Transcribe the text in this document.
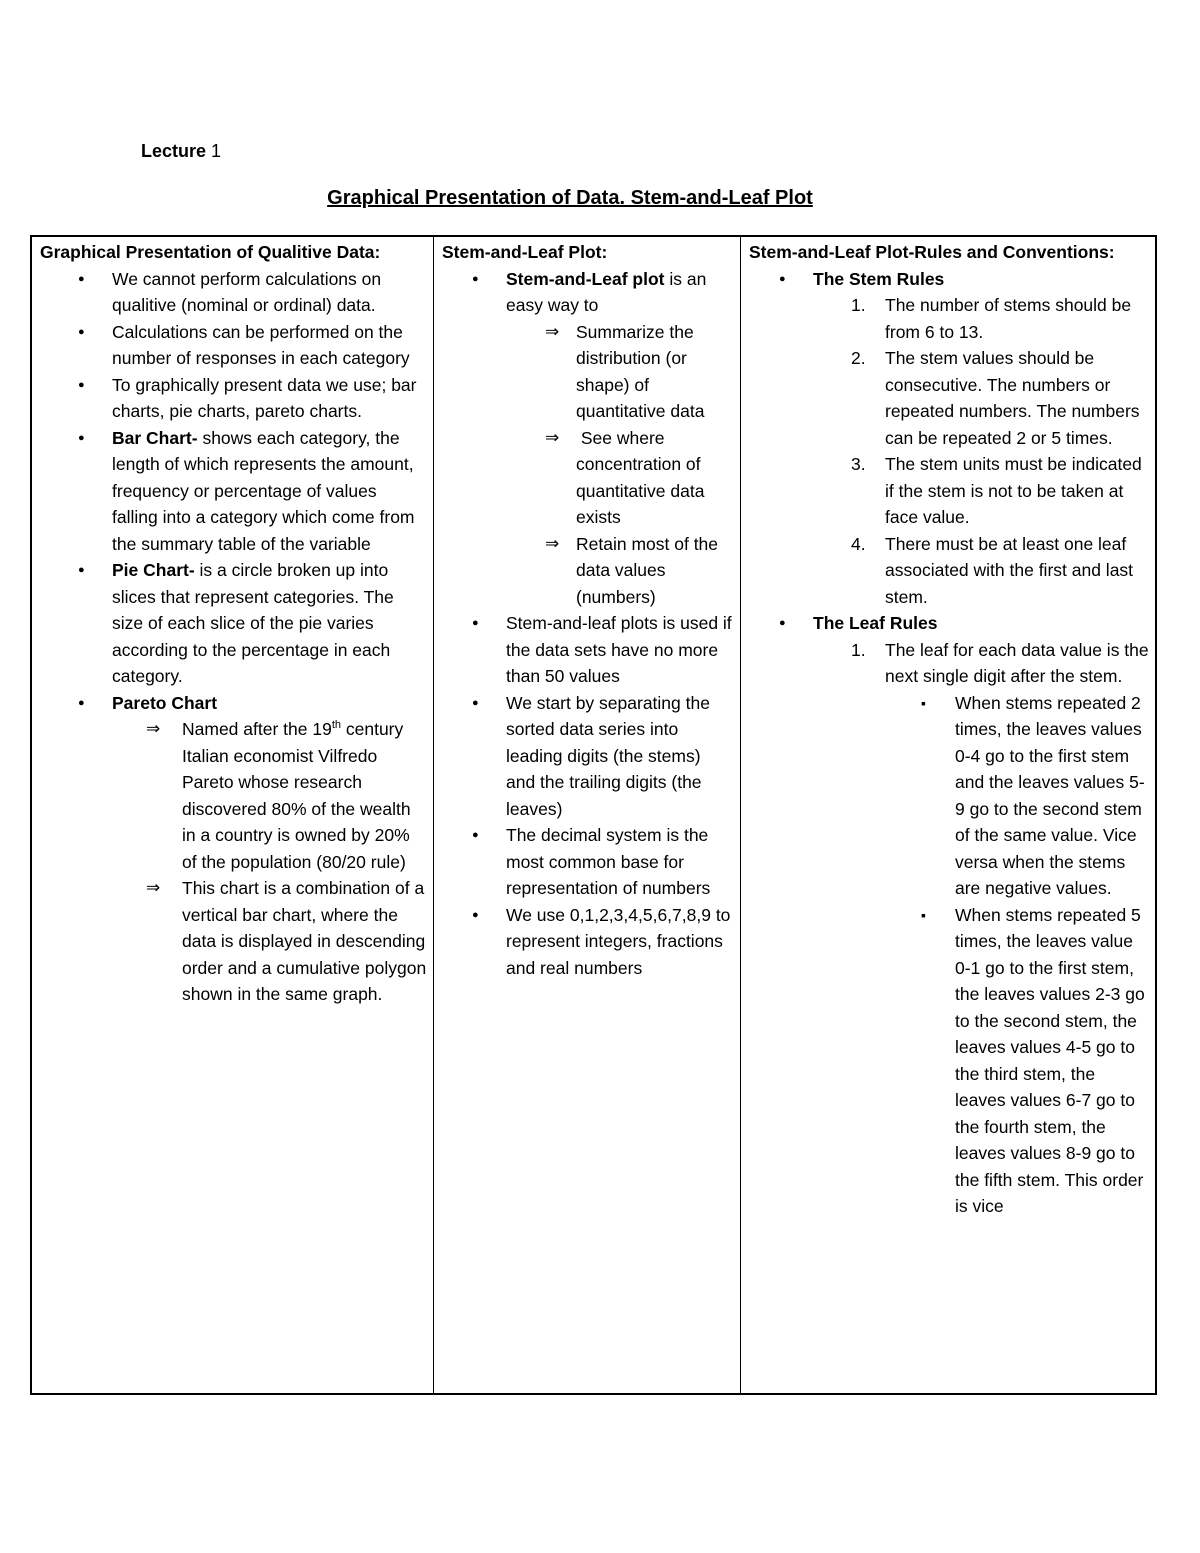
Lecture 1

Graphical Presentation of Data. Stem-and-Leaf Plot

Graphical Presentation of Qualitive Data:

● We cannot perform calculations on qualitive (nominal or ordinal) data.

● Calculations can be performed on the number of responses in each category

● To graphically present data we use; bar charts, pie charts, pareto charts.

● Bar Chart- shows each category, the length of which represents the amount, frequency or percentage of values falling into a category which come from the summary table of the variable

● Pie Chart- is a circle broken up into slices that represent categories. The size of each slice of the pie varies according to the percentage in each category.

● Pareto Chart

⇒ Named after the 19th century Italian economist Vilfredo Pareto whose research discovered 80% of the wealth in a country is owned by 20% of the population (80/20 rule)

⇒ This chart is a combination of a vertical bar chart, where the data is displayed in descending order and a cumulative polygon shown in the same graph.

Stem-and-Leaf Plot:

● Stem-and-Leaf plot is an easy way to

⇒ Summarize the distribution (or shape) of quantitative data

⇒  See where concentration of quantitative data exists

⇒ Retain most of the data values (numbers)

● Stem-and-leaf plots is used if the data sets have no more than 50 values

● We start by separating the sorted data series into leading digits (the stems) and the trailing digits (the leaves)

● The decimal system is the most common base for representation of numbers

● We use 0,1,2,3,4,5,6,7,8,9 to represent integers, fractions and real numbers

Stem-and-Leaf Plot-Rules and Conventions:

● The Stem Rules

1. The number of stems should be from 6 to 13.

2. The stem values should be consecutive. The numbers or repeated numbers. The numbers can be repeated 2 or 5 times.

3. The stem units must be indicated if the stem is not to be taken at face value.

4. There must be at least one leaf associated with the first and last stem.

● The Leaf Rules

1. The leaf for each data value is the next single digit after the stem.

▪ When stems repeated 2 times, the leaves values 0-4 go to the first stem and the leaves values 5-9 go to the second stem of the same value. Vice versa when the stems are negative values.

▪ When stems repeated 5 times, the leaves value 0-1 go to the first stem, the leaves values 2-3 go to the second stem, the leaves values 4-5 go to the third stem, the leaves values 6-7 go to the fourth stem, the leaves values 8-9 go to the fifth stem. This order is vice
